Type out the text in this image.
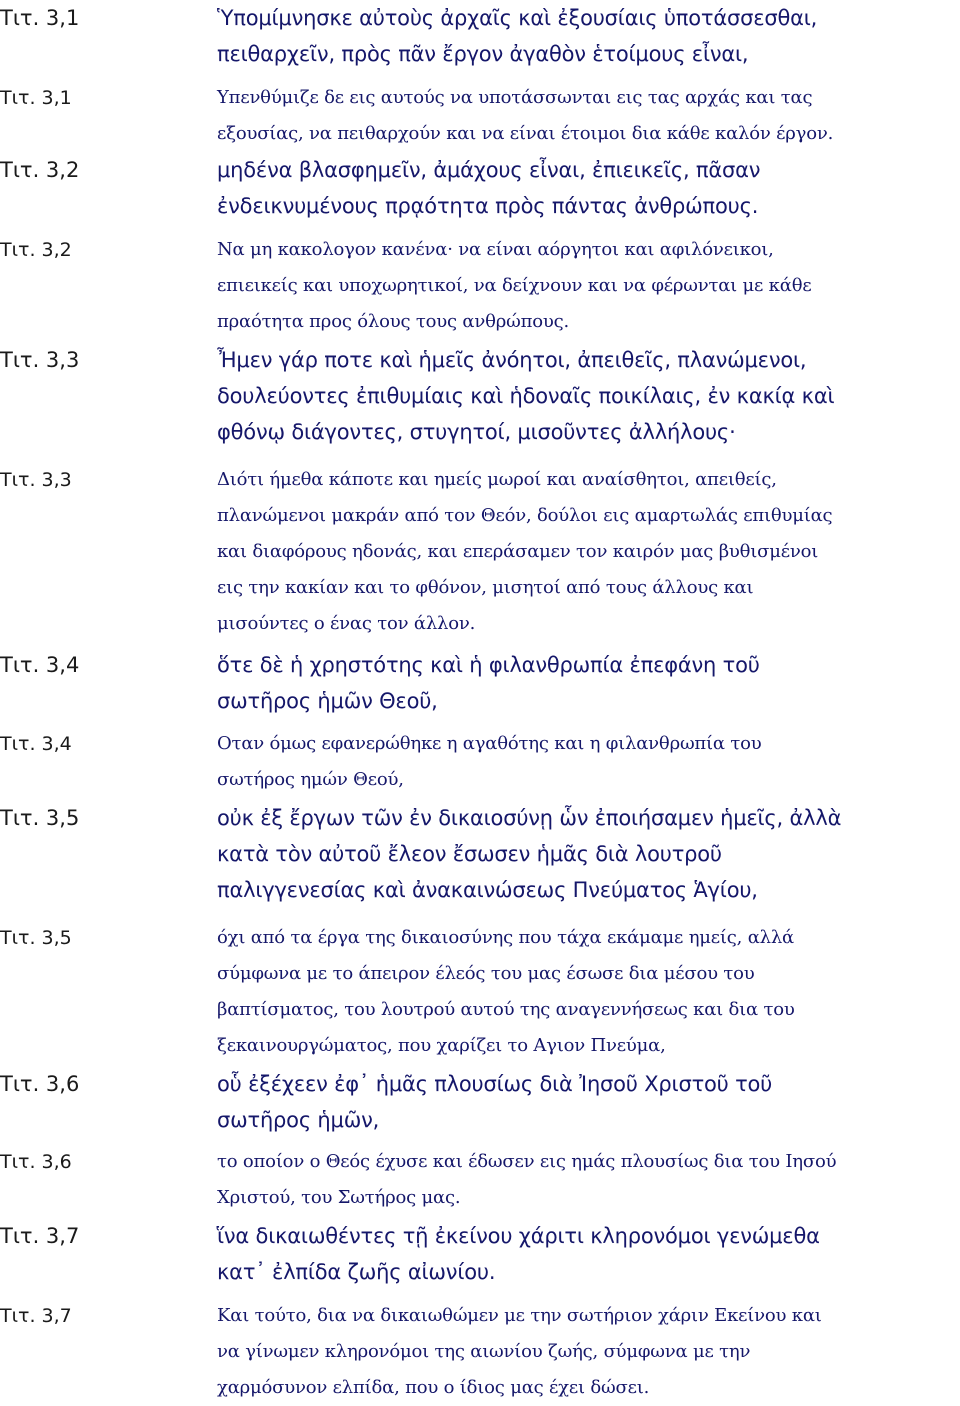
Τιτ. 3,1	Ὑπομίμνησκε αὐτοὺς ἀρχαῖς καὶ ἐξουσίαις ὑποτάσσεσθαι,
πειθαρχεῖν, πρὸς πᾶν ἔργον ἀγαθὸν ἑτοίμους εἶναι,
Τιτ. 3,1	Υπενθύμιζε δε εις αυτούς να υποτάσσωνται εις τας αρχάς και τας
εξουσίας, να πειθαρχούν και να είναι έτοιμοι δια κάθε καλόν έργον.
Τιτ. 3,2	μηδένα βλασφημεῖν, ἀμάχους εἶναι, ἐπιεικεῖς, πᾶσαν
ἐνδεικνυμένους πρᾳότητα πρὸς πάντας ἀνθρώπους.
Τιτ. 3,2	Να μη κακολογον κανένα· να είναι αόργητοι και αφιλόνεικοι,
επιεικείς και υποχωρητικοί, να δείχνουν και να φέρωνται με κάθε
πραότητα προς όλους τους ανθρώπους.
Τιτ. 3,3	Ἦμεν γάρ ποτε καὶ ἡμεῖς ἀνόητοι, ἀπειθεῖς, πλανώμενοι,
δουλεύοντες ἐπιθυμίαις καὶ ἡδοναῖς ποικίλαις, ἐν κακίᾳ καὶ
φθόνῳ διάγοντες, στυγητοί, μισοῦντες ἀλλήλους·
Τιτ. 3,3	Διότι ήμεθα κάποτε και ημείς μωροί και αναίσθητοι, απειθείς,
πλανώμενοι μακράν από τον Θεόν, δούλοι εις αμαρτωλάς επιθυμίας
και διαφόρους ηδονάς, και επεράσαμεν τον καιρόν μας βυθισμένοι
εις την κακίαν και το φθόνον, μισητοί από τους άλλους και
μισούντες ο ένας τον άλλον.
Τιτ. 3,4	ὅτε δὲ ἡ χρηστότης καὶ ἡ φιλανθρωπία ἐπεφάνη τοῦ
σωτῆρος ἡμῶν Θεοῦ,
Τιτ. 3,4	Οταν όμως εφανερώθηκε η αγαθότης και η φιλανθρωπία του
σωτήρος ημών Θεού,
Τιτ. 3,5	οὐκ ἐξ ἔργων τῶν ἐν δικαιοσύνῃ ὧν ἐποιήσαμεν ἡμεῖς, ἀλλὰ
κατὰ τὸν αὐτοῦ ἔλεον ἔσωσεν ἡμᾶς διὰ λουτροῦ
παλιγγενεσίας καὶ ἀνακαινώσεως Πνεύματος Ἁγίου,
Τιτ. 3,5	όχι από τα έργα της δικαιοσύνης που τάχα εκάμαμε ημείς, αλλά
σύμφωνα με το άπειρον έλεός του μας έσωσε δια μέσου του
βαπτίσματος, του λουτρού αυτού της αναγεννήσεως και δια του
ξεκαινουργώματος, που χαρίζει το Αγιον Πνεύμα,
Τιτ. 3,6	οὗ ἐξέχεεν ἐφ᾿ ἡμᾶς πλουσίως διὰ Ἰησοῦ Χριστοῦ τοῦ
σωτῆρος ἡμῶν,
Τιτ. 3,6	το οποίον ο Θεός έχυσε και έδωσεν εις ημάς πλουσίως δια του Ιησού
Χριστού, του Σωτήρος μας.
Τιτ. 3,7	ἵνα δικαιωθέντες τῇ ἐκείνου χάριτι κληρονόμοι γενώμεθα
κατ᾿ ἐλπίδα ζωῆς αἰωνίου.
Τιτ. 3,7	Και τούτο, δια να δικαιωθώμεν με την σωτήριον χάριν Εκείνου και
να γίνωμεν κληρονόμοι της αιωνίου ζωής, σύμφωνα με την
χαρμόσυνον ελπίδα, που ο ίδιος μας έχει δώσει.
